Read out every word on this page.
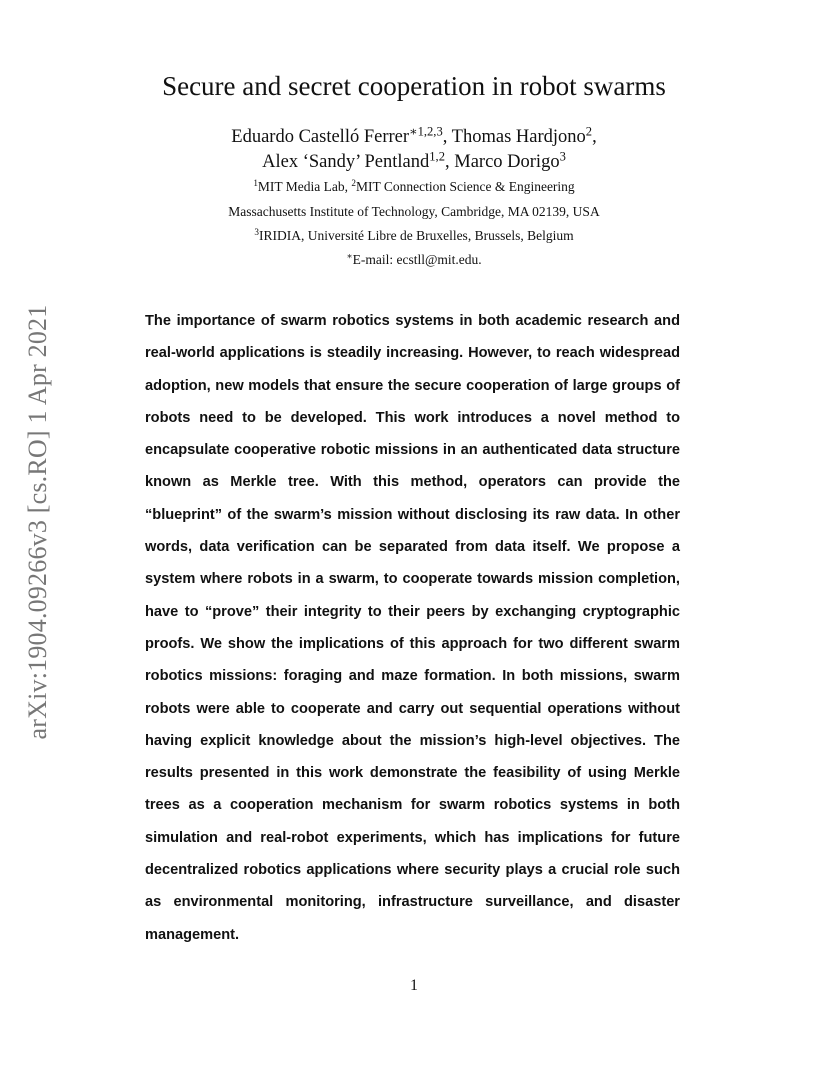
arXiv:1904.09266v3 [cs.RO] 1 Apr 2021
Secure and secret cooperation in robot swarms
Eduardo Castelló Ferrer$^{∗1,2,3}$, Thomas Hardjono$^2$,
Alex ‘Sandy’ Pentland$^{1,2}$, Marco Dorigo$^3$
$^1$MIT Media Lab, $^2$MIT Connection Science & Engineering
Massachusetts Institute of Technology, Cambridge, MA 02139, USA
$^3$IRIDIA, Université Libre de Bruxelles, Brussels, Belgium
∗E-mail: ecstll@mit.edu.

The importance of swarm robotics systems in both academic research and real-world applications is steadily increasing. However, to reach widespread adoption, new models that ensure the secure cooperation of large groups of robots need to be developed. This work introduces a novel method to encapsulate cooperative robotic missions in an authenticated data structure known as Merkle tree. With this method, operators can provide the “blueprint” of the swarm’s mission without disclosing its raw data. In other words, data verification can be separated from data itself. We propose a system where robots in a swarm, to cooperate towards mission completion, have to “prove” their integrity to their peers by exchanging cryptographic proofs. We show the implications of this approach for two different swarm robotics missions: foraging and maze formation. In both missions, swarm robots were able to cooperate and carry out sequential operations without having explicit knowledge about the mission’s high-level objectives. The results presented in this work demonstrate the feasibility of using Merkle trees as a cooperation mechanism for swarm robotics systems in both simulation and real-robot experiments, which has implications for future decentralized robotics applications where security plays a crucial role such as environmental monitoring, infrastructure surveillance, and disaster management.

1
